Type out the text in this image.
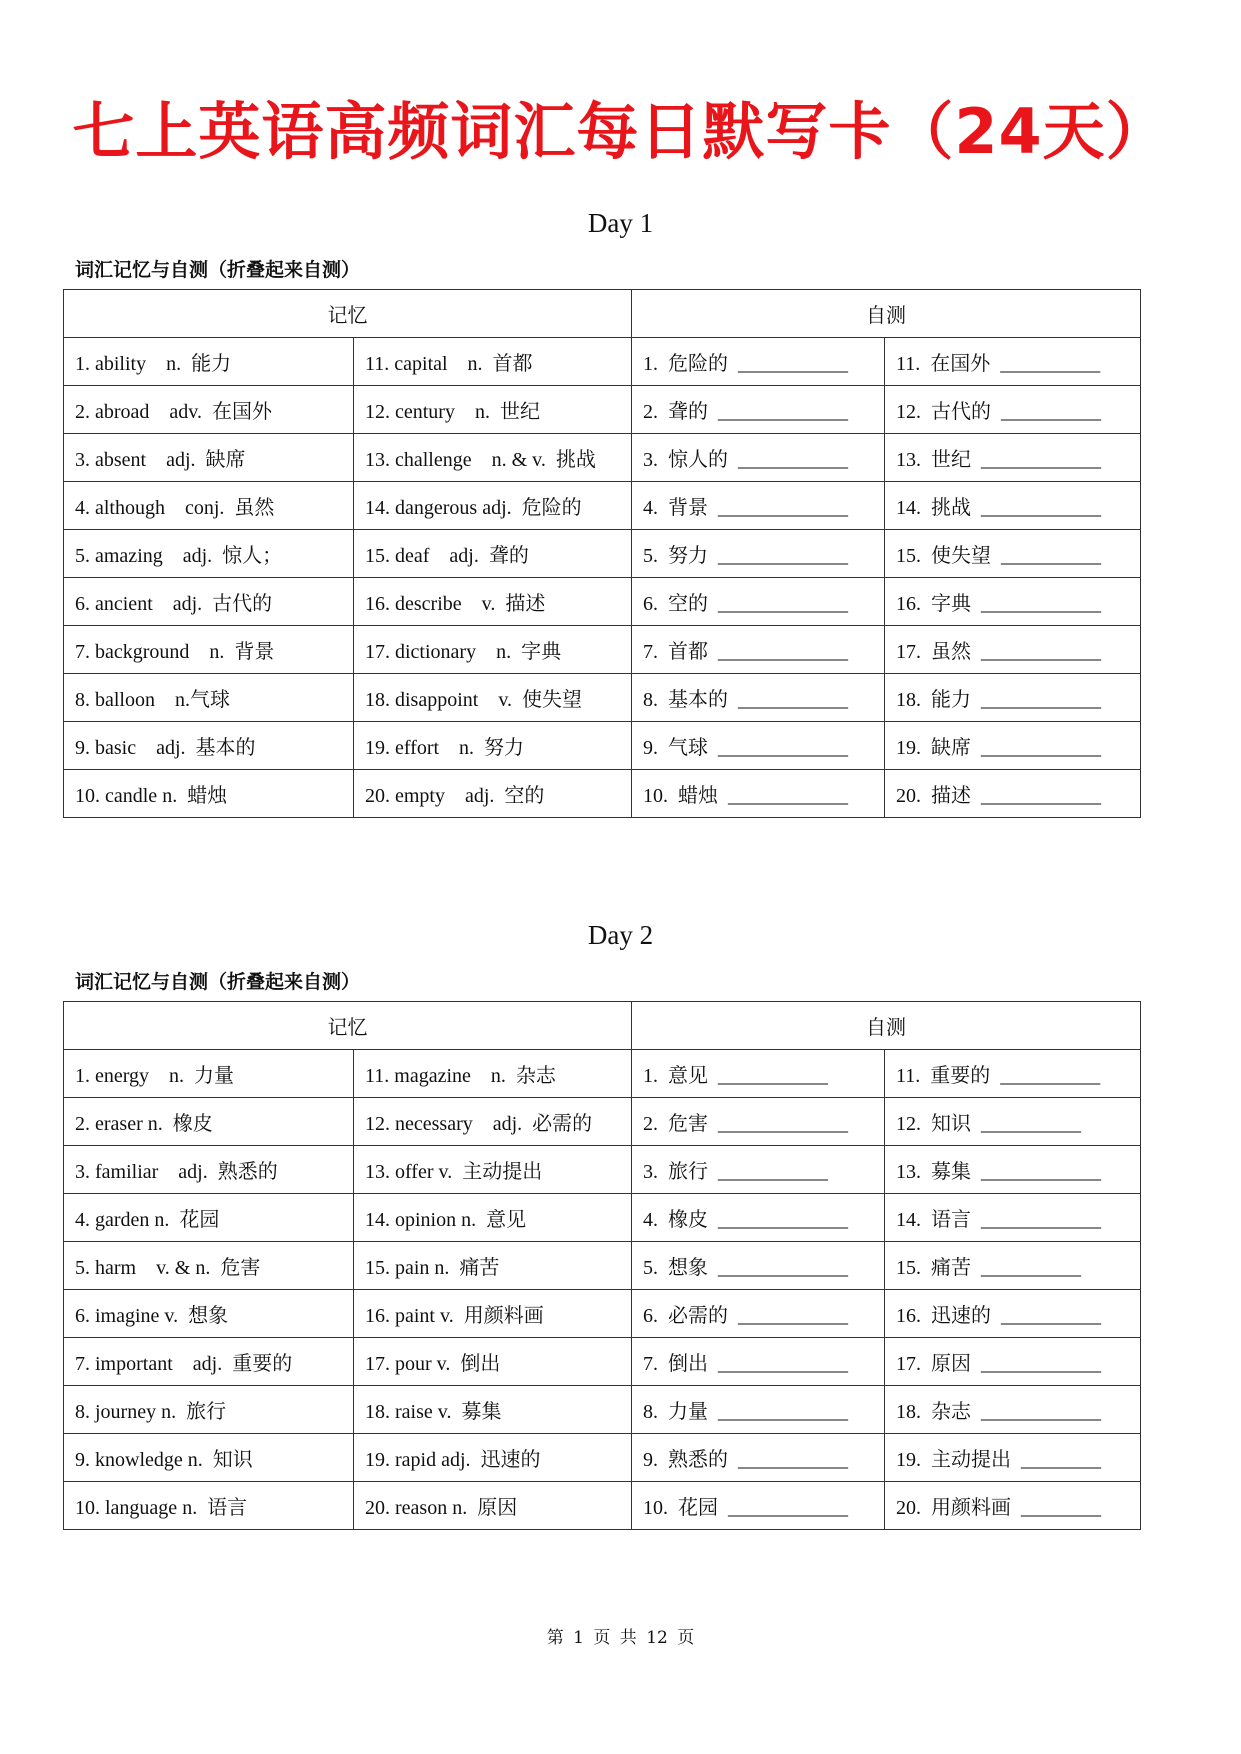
七上英语高频词汇每日默写卡（24天）
Day 1
词汇记忆与自测（折叠起来自测）
记忆		自测	
1. ability    n.  能力	11. capital    n.  首都	1.  危险的  ___________	11.  在国外  __________
2. abroad    adv.  在国外	12. century    n.  世纪	2.  聋的  _____________	12.  古代的  __________
3. absent    adj.  缺席	13. challenge    n. & v.  挑战	3.  惊人的  ___________	13.  世纪  ____________
4. although    conj.  虽然	14. dangerous adj.  危险的	4.  背景  _____________	14.  挑战  ____________
5. amazing    adj.  惊人；	15. deaf    adj.  聋的	5.  努力  _____________	15.  使失望  __________
6. ancient    adj.  古代的	16. describe    v.  描述	6.  空的  _____________	16.  字典  ____________
7. background    n.  背景	17. dictionary    n.  字典	7.  首都  _____________	17.  虽然  ____________
8. balloon    n.气球	18. disappoint    v.  使失望	8.  基本的  ___________	18.  能力  ____________
9. basic    adj.  基本的	19. effort    n.  努力	9.  气球  _____________	19.  缺席  ____________
10. candle n.  蜡烛	20. empty    adj.  空的	10.  蜡烛  ____________	20.  描述  ____________
Day 2
词汇记忆与自测（折叠起来自测）
记忆		自测	
1. energy    n.  力量	11. magazine    n.  杂志	1.  意见  ___________	11.  重要的  __________
2. eraser n.  橡皮	12. necessary    adj.  必需的	2.  危害  _____________	12.  知识  __________
3. familiar    adj.  熟悉的	13. offer v.  主动提出	3.  旅行  ___________	13.  募集  ____________
4. garden n.  花园	14. opinion n.  意见	4.  橡皮  _____________	14.  语言  ____________
5. harm    v. & n.  危害	15. pain n.  痛苦	5.  想象  _____________	15.  痛苦  __________
6. imagine v.  想象	16. paint v.  用颜料画	6.  必需的  ___________	16.  迅速的  __________
7. important    adj.  重要的	17. pour v.  倒出	7.  倒出  _____________	17.  原因  ____________
8. journey n.  旅行	18. raise v.  募集	8.  力量  _____________	18.  杂志  ____________
9. knowledge n.  知识	19. rapid adj.  迅速的	9.  熟悉的  ___________	19.  主动提出  ________
10. language n.  语言	20. reason n.  原因	10.  花园  ____________	20.  用颜料画  ________
第 1 页 共 12 页
